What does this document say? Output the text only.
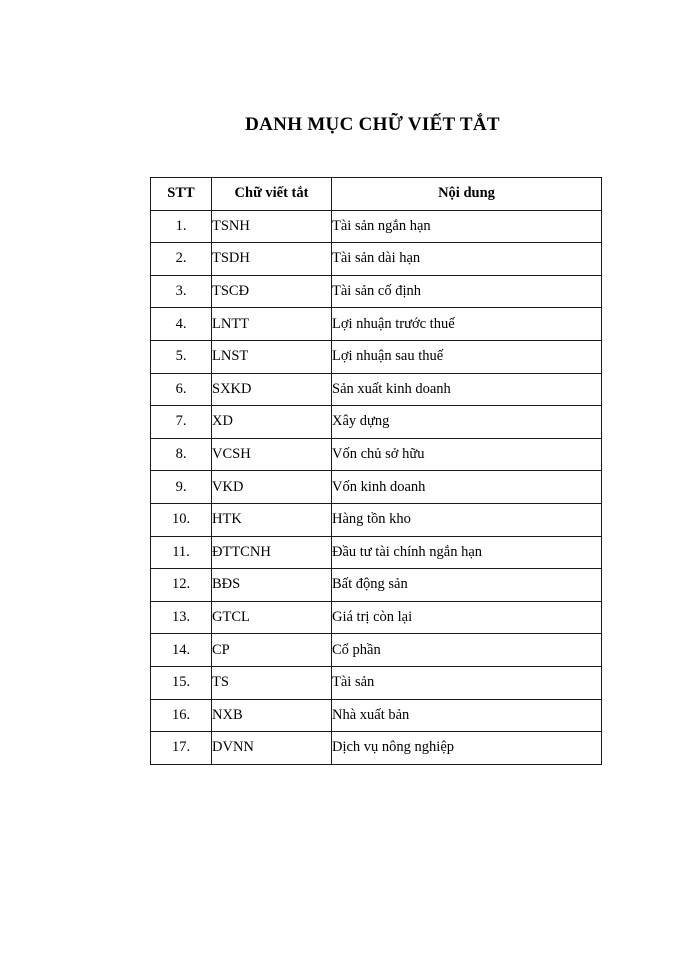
DANH MỤC CHỮ VIẾT TẮT
STT	Chữ viết tắt	Nội dung
1.	TSNH	Tài sản ngắn hạn
2.	TSDH	Tài sản dài hạn
3.	TSCĐ	Tài sản cố định
4.	LNTT	Lợi nhuận trước thuế
5.	LNST	Lợi nhuận sau thuế
6.	SXKD	Sản xuất kinh doanh
7.	XD	Xây dựng
8.	VCSH	Vốn chủ sở hữu
9.	VKD	Vốn kinh doanh
10.	HTK	Hàng tồn kho
11.	ĐTTCNH	Đầu tư tài chính ngắn hạn
12.	BĐS	Bất động sản
13.	GTCL	Giá trị còn lại
14.	CP	Cổ phần
15.	TS	Tài sản
16.	NXB	Nhà xuất bản
17.	DVNN	Dịch vụ nông nghiệp
